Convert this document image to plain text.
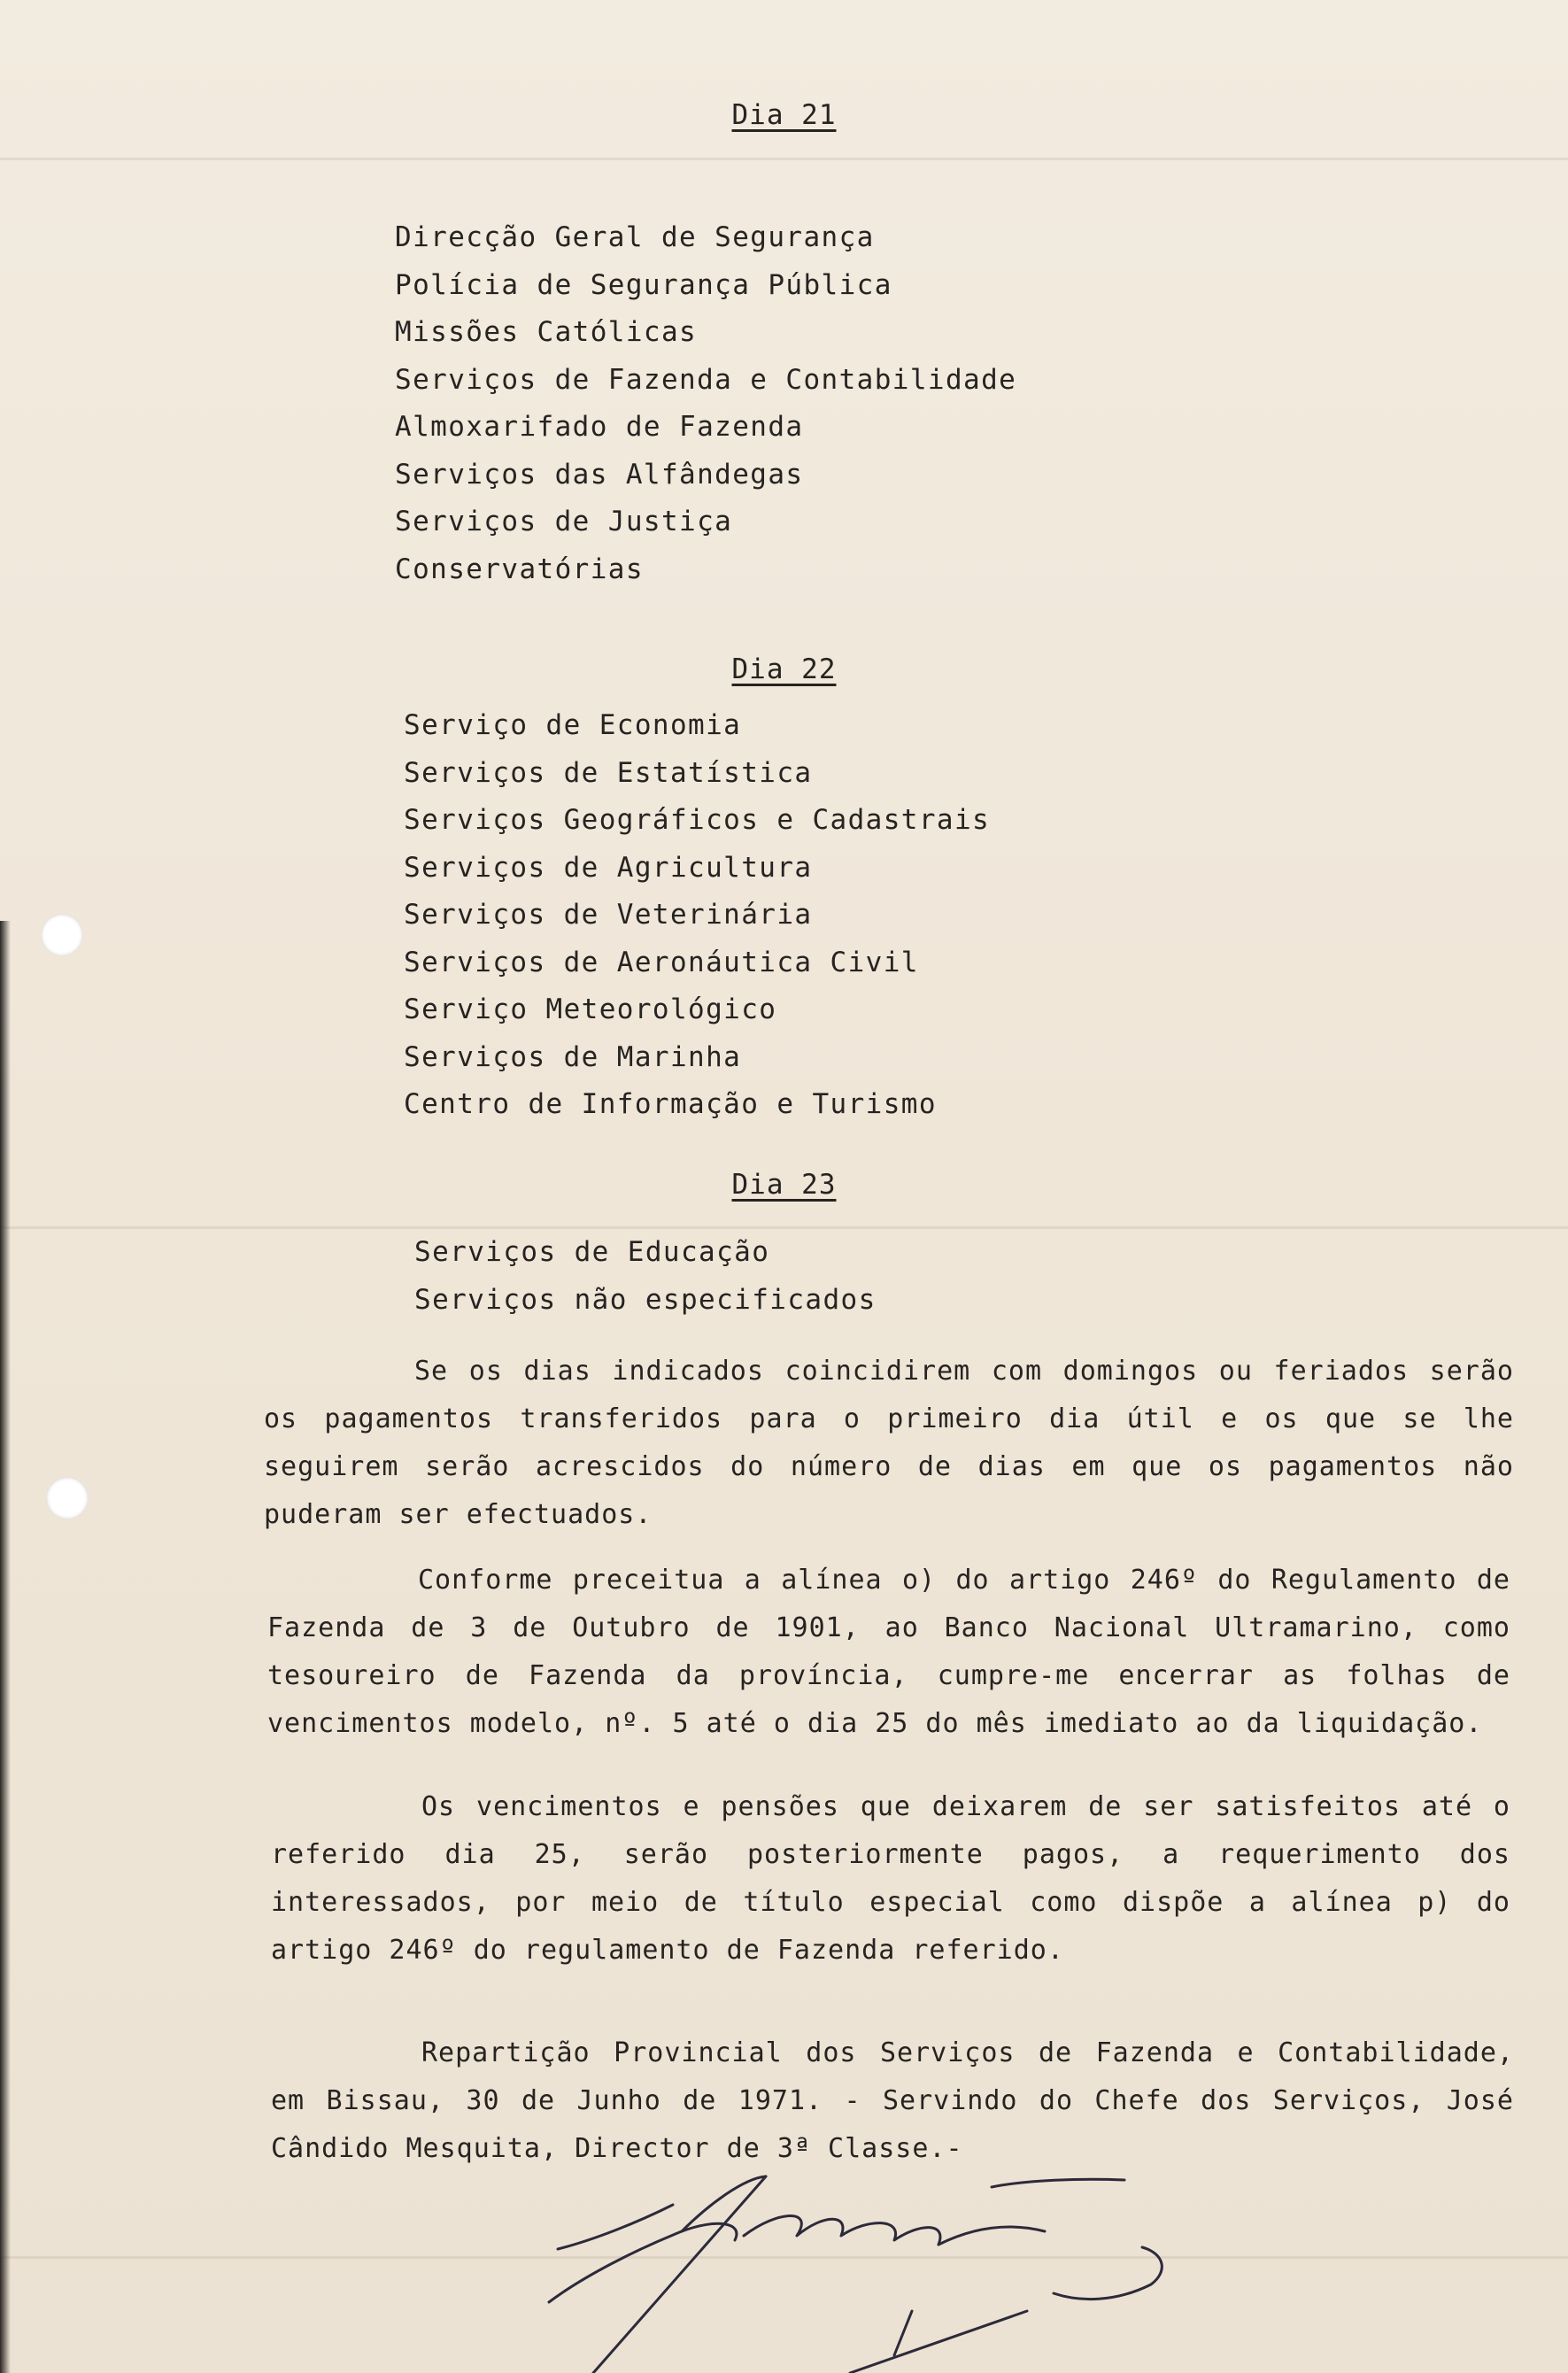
Dia 21
Direcção Geral de Segurança
Polícia de Segurança Pública
Missões Católicas
Serviços de Fazenda e Contabilidade
Almoxarifado de Fazenda
Serviços das Alfândegas
Serviços de Justiça
Conservatórias
Dia 22
Serviço de Economia
Serviços de Estatística
Serviços Geográficos e Cadastrais
Serviços de Agricultura
Serviços de Veterinária
Serviços de Aeronáutica Civil
Serviço Meteorológico
Serviços de Marinha
Centro de Informação e Turismo
Dia 23
Serviços de Educação
Serviços não especificados

Se os dias indicados coincidirem com domingos ou feriados serão os pagamentos transferidos para o primeiro dia útil e os que se lhe seguirem serão acrescidos do número de dias em que os pagamentos não puderam ser efectuados.

Conforme preceitua a alínea o) do artigo 246º do Regulamento de Fazenda de 3 de Outubro de 1901, ao Banco Nacional Ultramarino, como tesoureiro de Fazenda da província, cumpre-me encerrar as folhas de vencimentos modelo, nº. 5 até o dia 25 do mês imediato ao da liquidação.

Os vencimentos e pensões que deixarem de ser satisfeitos até o referido dia 25, serão posteriormente pagos, a requerimento dos interessados, por meio de título especial como dispõe a alínea p) do artigo 246º do regulamento de Fazenda referido.

Repartição Provincial dos Serviços de Fazenda e Contabilidade, em Bissau, 30 de Junho de 1971. - Servindo do Chefe dos Serviços, José Cândido Mesquita, Director de 3ª Classe.-
